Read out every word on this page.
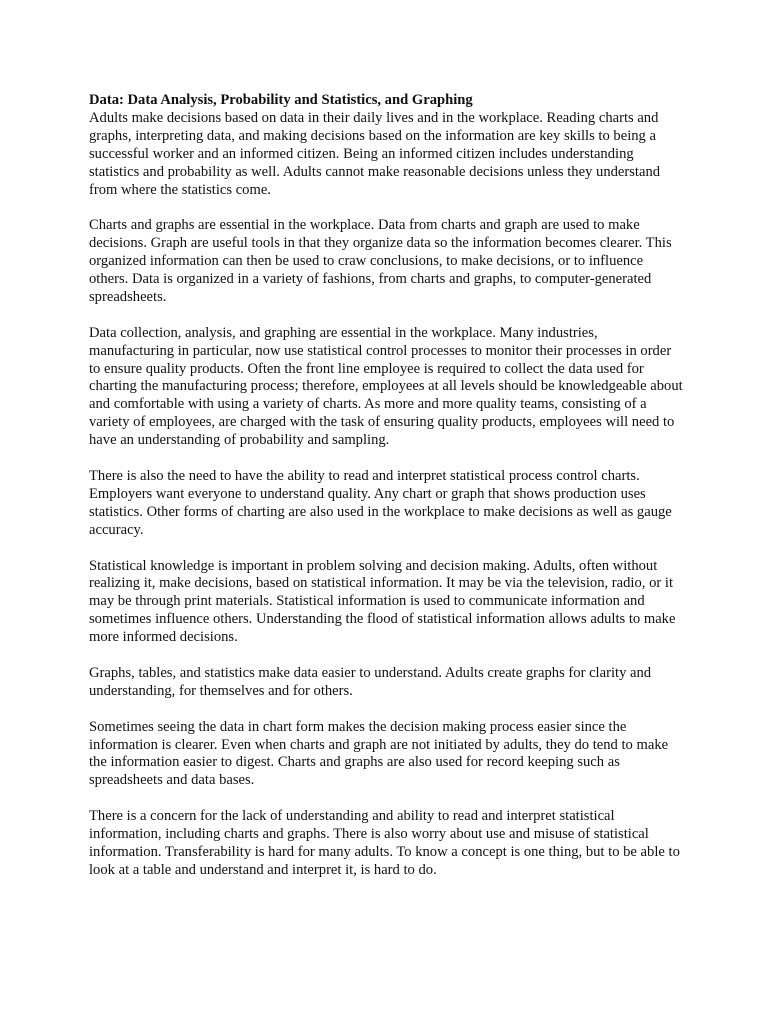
Data: Data Analysis, Probability and Statistics, and Graphing

Adults make decisions based on data in their daily lives and in the workplace. Reading charts and graphs, interpreting data, and making decisions based on the information are key skills to being a successful worker and an informed citizen. Being an informed citizen includes understanding statistics and probability as well. Adults cannot make reasonable decisions unless they understand from where the statistics come.

Charts and graphs are essential in the workplace. Data from charts and graph are used to make decisions. Graph are useful tools in that they organize data so the information becomes clearer. This organized information can then be used to craw conclusions, to make decisions, or to influence others. Data is organized in a variety of fashions, from charts and graphs, to computer-generated spreadsheets.

Data collection, analysis, and graphing are essential in the workplace. Many industries, manufacturing in particular, now use statistical control processes to monitor their processes in order to ensure quality products. Often the front line employee is required to collect the data used for charting the manufacturing process; therefore, employees at all levels should be knowledgeable about and comfortable with using a variety of charts. As more and more quality teams, consisting of a variety of employees, are charged with the task of ensuring quality products, employees will need to have an understanding of probability and sampling.

There is also the need to have the ability to read and interpret statistical process control charts. Employers want everyone to understand quality. Any chart or graph that shows production uses statistics. Other forms of charting are also used in the workplace to make decisions as well as gauge accuracy.

Statistical knowledge is important in problem solving and decision making. Adults, often without realizing it, make decisions, based on statistical information. It may be via the television, radio, or it may be through print materials. Statistical information is used to communicate information and sometimes influence others. Understanding the flood of statistical information allows adults to make more informed decisions.

Graphs, tables, and statistics make data easier to understand. Adults create graphs for clarity and understanding, for themselves and for others.

Sometimes seeing the data in chart form makes the decision making process easier since the information is clearer. Even when charts and graph are not initiated by adults, they do tend to make the information easier to digest. Charts and graphs are also used for record keeping such as spreadsheets and data bases.

There is a concern for the lack of understanding and ability to read and interpret statistical information, including charts and graphs. There is also worry about use and misuse of statistical information. Transferability is hard for many adults. To know a concept is one thing, but to be able to look at a table and understand and interpret it, is hard to do.
